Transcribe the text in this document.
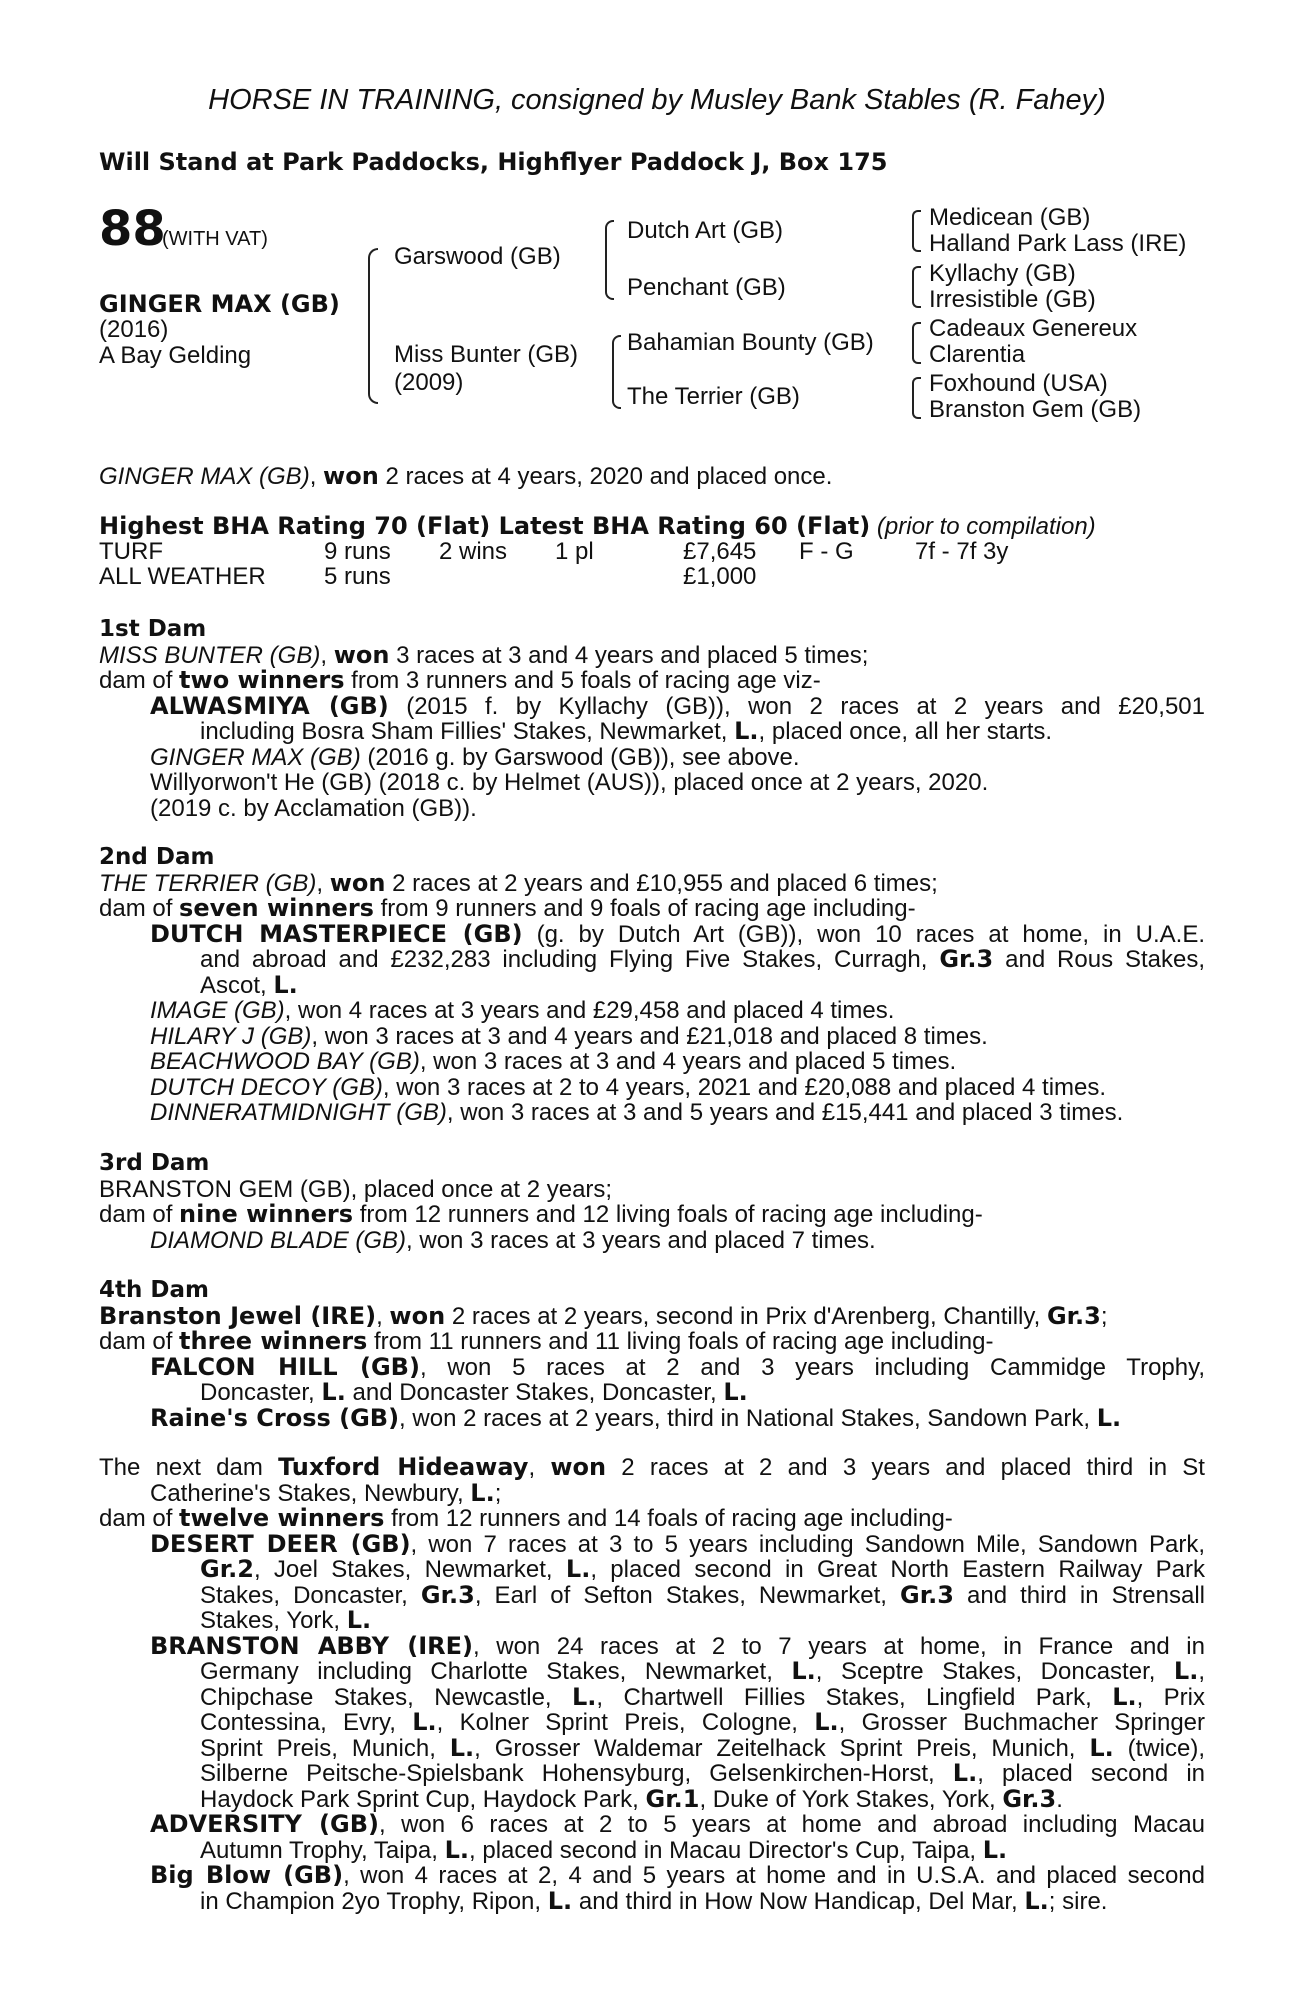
HORSE IN TRAINING, consigned by Musley Bank Stables (R. Fahey)
Will Stand at Park Paddocks, Highflyer Paddock J, Box 175
88
(WITH VAT)
GINGER MAX (GB)
(2016)
A Bay Gelding
Garswood (GB)
Miss Bunter (GB)
(2009)
Dutch Art (GB)
Penchant (GB)
Bahamian Bounty (GB)
The Terrier (GB)
Medicean (GB)
Halland Park Lass (IRE)
Kyllachy (GB)
Irresistible (GB)
Cadeaux Genereux
Clarentia
Foxhound (USA)
Branston Gem (GB)
GINGER MAX (GB), won 2 races at 4 years, 2020 and placed once.
Highest BHA Rating 70 (Flat) Latest BHA Rating 60 (Flat) (prior to compilation)
TURF	9 runs 2 wins 1 pl	£7,645 F - G	7f - 7f 3y
ALL WEATHER 5 runs	£1,000
1st Dam
MISS BUNTER (GB), won 3 races at 3 and 4 years and placed 5 times;
dam of two winners from 3 runners and 5 foals of racing age viz-
ALWASMIYA (GB) (2015 f. by Kyllachy (GB)), won 2 races at 2 years and £20,501
including Bosra Sham Fillies' Stakes, Newmarket, L., placed once, all her starts.
GINGER MAX (GB) (2016 g. by Garswood (GB)), see above.
Willyorwon't He (GB) (2018 c. by Helmet (AUS)), placed once at 2 years, 2020.
(2019 c. by Acclamation (GB)).
2nd Dam
THE TERRIER (GB), won 2 races at 2 years and £10,955 and placed 6 times;
dam of seven winners from 9 runners and 9 foals of racing age including-
DUTCH MASTERPIECE (GB) (g. by Dutch Art (GB)), won 10 races at home, in U.A.E.
and abroad and £232,283 including Flying Five Stakes, Curragh, Gr.3 and Rous Stakes,
Ascot, L.
IMAGE (GB), won 4 races at 3 years and £29,458 and placed 4 times.
HILARY J (GB), won 3 races at 3 and 4 years and £21,018 and placed 8 times.
BEACHWOOD BAY (GB), won 3 races at 3 and 4 years and placed 5 times.
DUTCH DECOY (GB), won 3 races at 2 to 4 years, 2021 and £20,088 and placed 4 times.
DINNERATMIDNIGHT (GB), won 3 races at 3 and 5 years and £15,441 and placed 3 times.
3rd Dam
BRANSTON GEM (GB), placed once at 2 years;
dam of nine winners from 12 runners and 12 living foals of racing age including-
DIAMOND BLADE (GB), won 3 races at 3 years and placed 7 times.
4th Dam
Branston Jewel (IRE), won 2 races at 2 years, second in Prix d'Arenberg, Chantilly, Gr.3;
dam of three winners from 11 runners and 11 living foals of racing age including-
FALCON HILL (GB), won 5 races at 2 and 3 years including Cammidge Trophy,
Doncaster, L. and Doncaster Stakes, Doncaster, L.
Raine's Cross (GB), won 2 races at 2 years, third in National Stakes, Sandown Park, L.
The next dam Tuxford Hideaway, won 2 races at 2 and 3 years and placed third in St
Catherine's Stakes, Newbury, L.;
dam of twelve winners from 12 runners and 14 foals of racing age including-
DESERT DEER (GB), won 7 races at 3 to 5 years including Sandown Mile, Sandown Park,
Gr.2, Joel Stakes, Newmarket, L., placed second in Great North Eastern Railway Park
Stakes, Doncaster, Gr.3, Earl of Sefton Stakes, Newmarket, Gr.3 and third in Strensall
Stakes, York, L.
BRANSTON ABBY (IRE), won 24 races at 2 to 7 years at home, in France and in
Germany including Charlotte Stakes, Newmarket, L., Sceptre Stakes, Doncaster, L.,
Chipchase Stakes, Newcastle, L., Chartwell Fillies Stakes, Lingfield Park, L., Prix
Contessina, Evry, L., Kolner Sprint Preis, Cologne, L., Grosser Buchmacher Springer
Sprint Preis, Munich, L., Grosser Waldemar Zeitelhack Sprint Preis, Munich, L. (twice),
Silberne Peitsche-Spielsbank Hohensyburg, Gelsenkirchen-Horst, L., placed second in
Haydock Park Sprint Cup, Haydock Park, Gr.1, Duke of York Stakes, York, Gr.3.
ADVERSITY (GB), won 6 races at 2 to 5 years at home and abroad including Macau
Autumn Trophy, Taipa, L., placed second in Macau Director's Cup, Taipa, L.
Big Blow (GB), won 4 races at 2, 4 and 5 years at home and in U.S.A. and placed second
in Champion 2yo Trophy, Ripon, L. and third in How Now Handicap, Del Mar, L.; sire.
